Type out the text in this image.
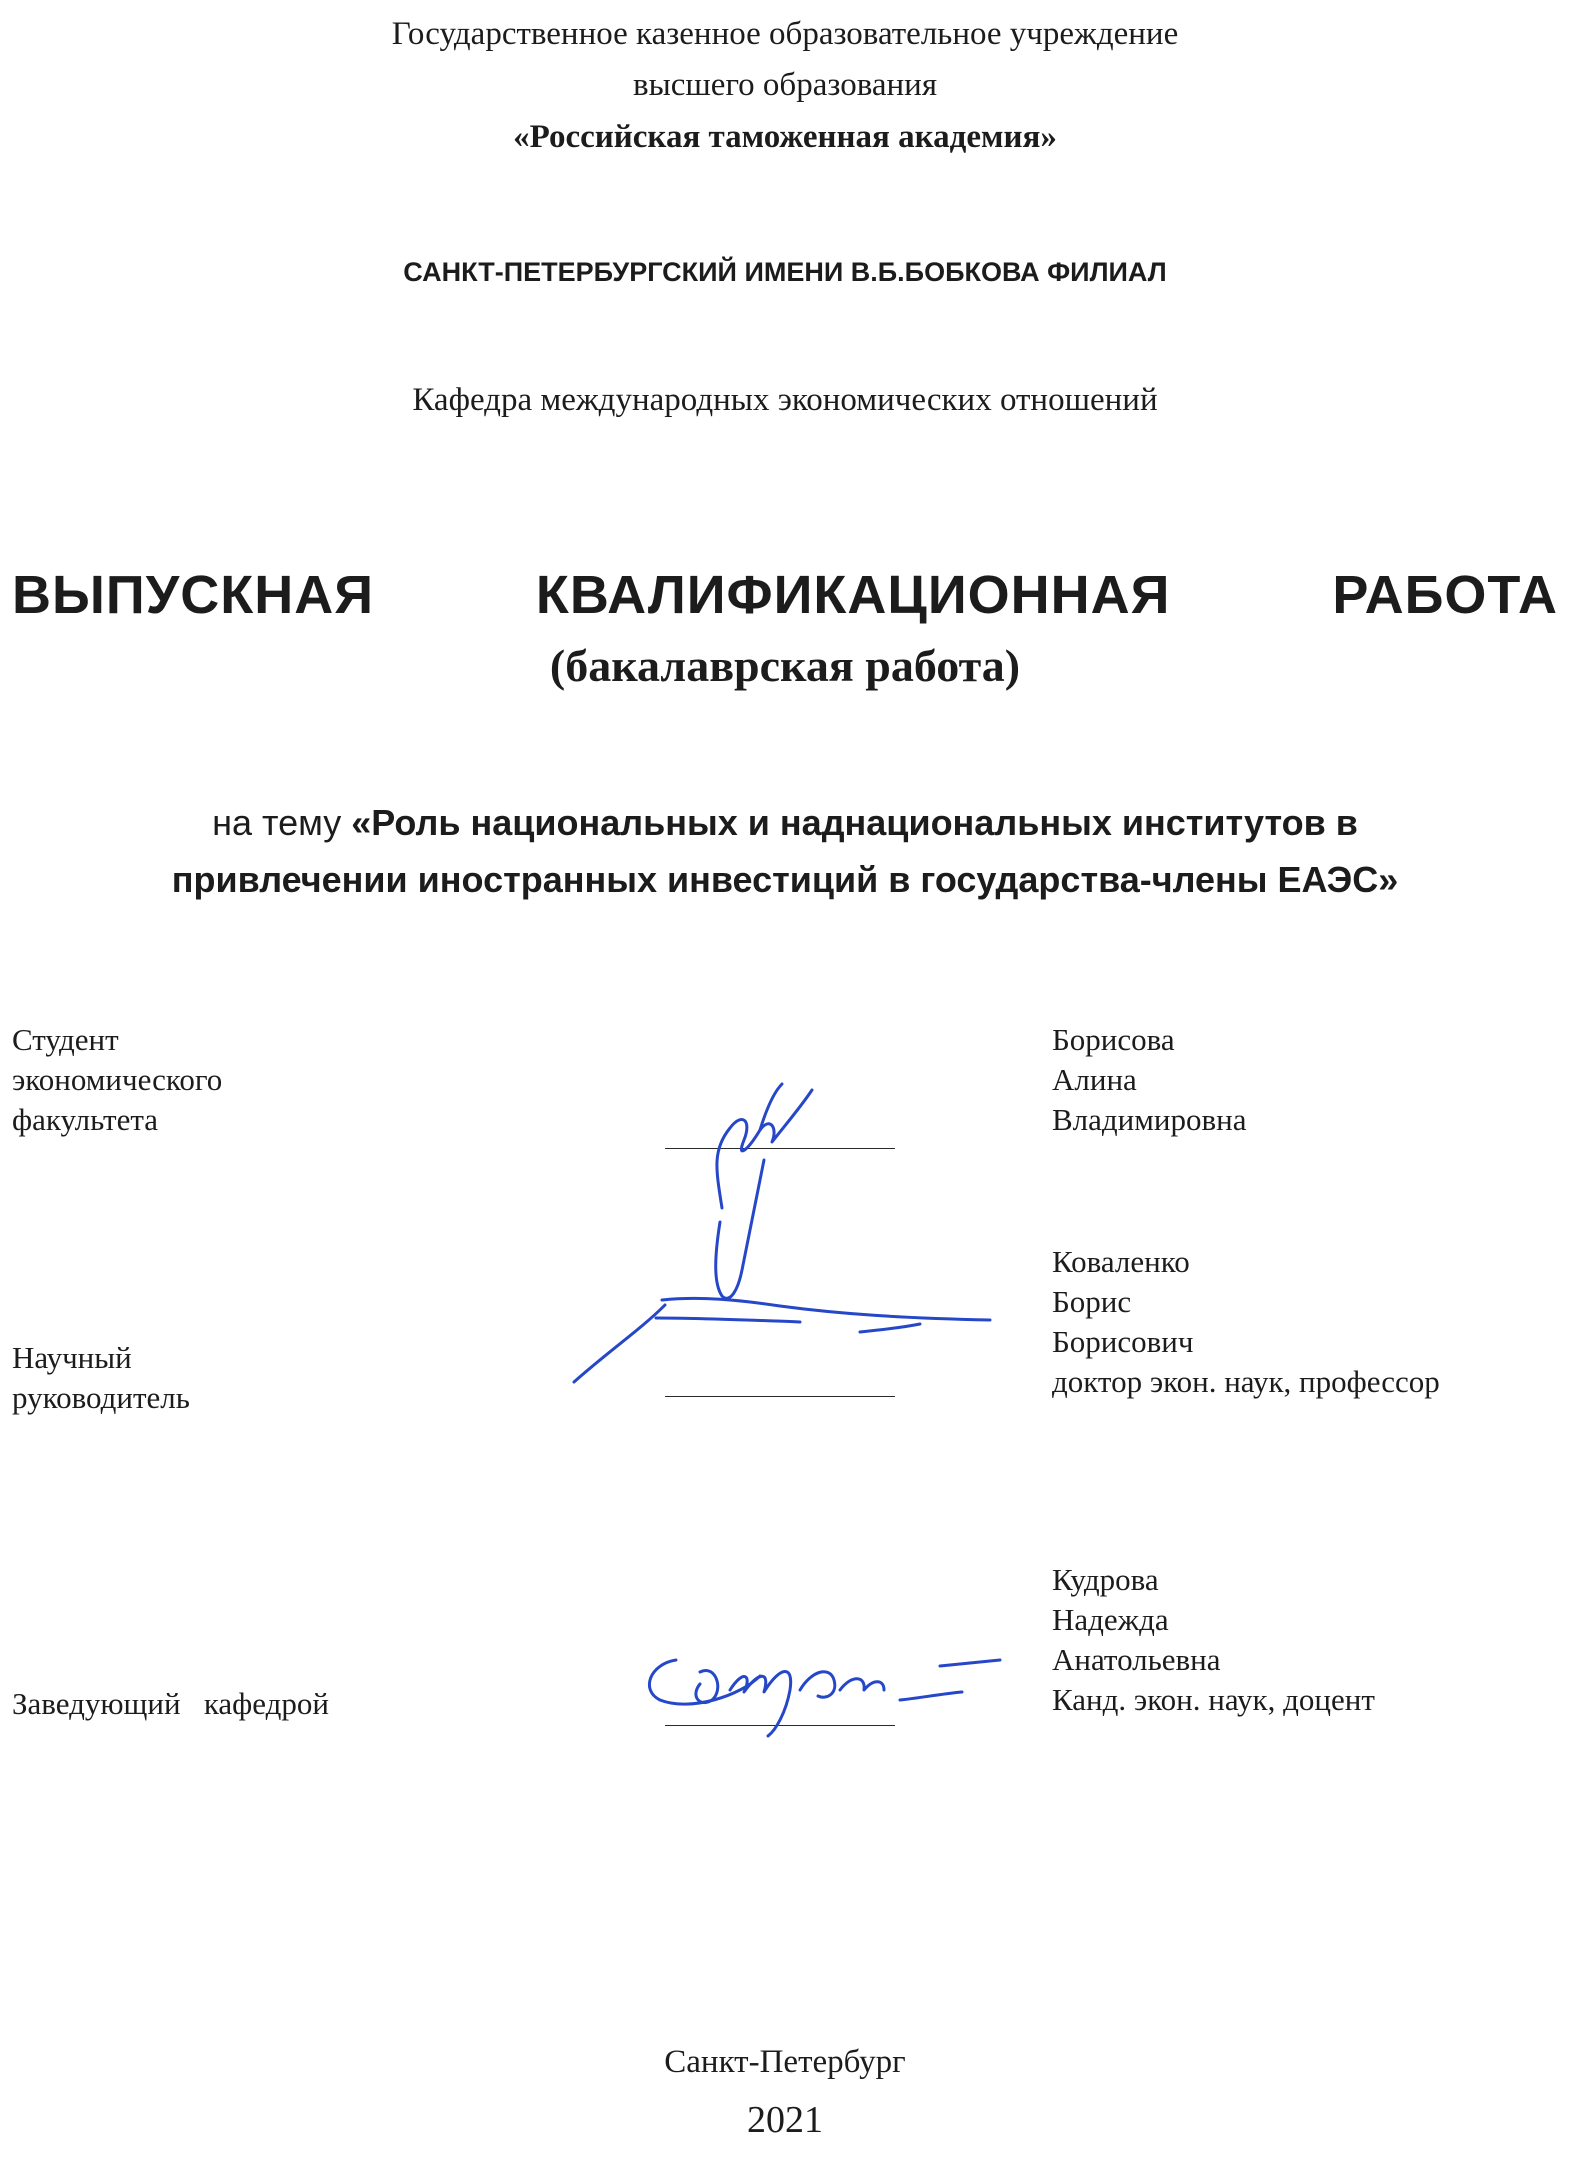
Государственное казенное образовательное учреждение
высшего образования
«Российская таможенная академия»
САНКТ-ПЕТЕРБУРГСКИЙ ИМЕНИ В.Б.БОБКОВА ФИЛИАЛ
Кафедра международных экономических отношений
ВЫПУСКНАЯ	КВАЛИФИКАЦИОННАЯ	РАБОТА
(бакалаврская работа)
на тему «Роль национальных и наднациональных институтов в
привлечении иностранных инвестиций в государства-члены ЕАЭС»
Студент
экономического
факультета
Борисова
Алина
Владимировна
Научный
руководитель
Коваленко
Борис
Борисович
доктор экон. наук, профессор
Заведующий   кафедрой
Кудрова
Надежда
Анатольевна
Канд. экон. наук, доцент
Санкт-Петербург
2021
